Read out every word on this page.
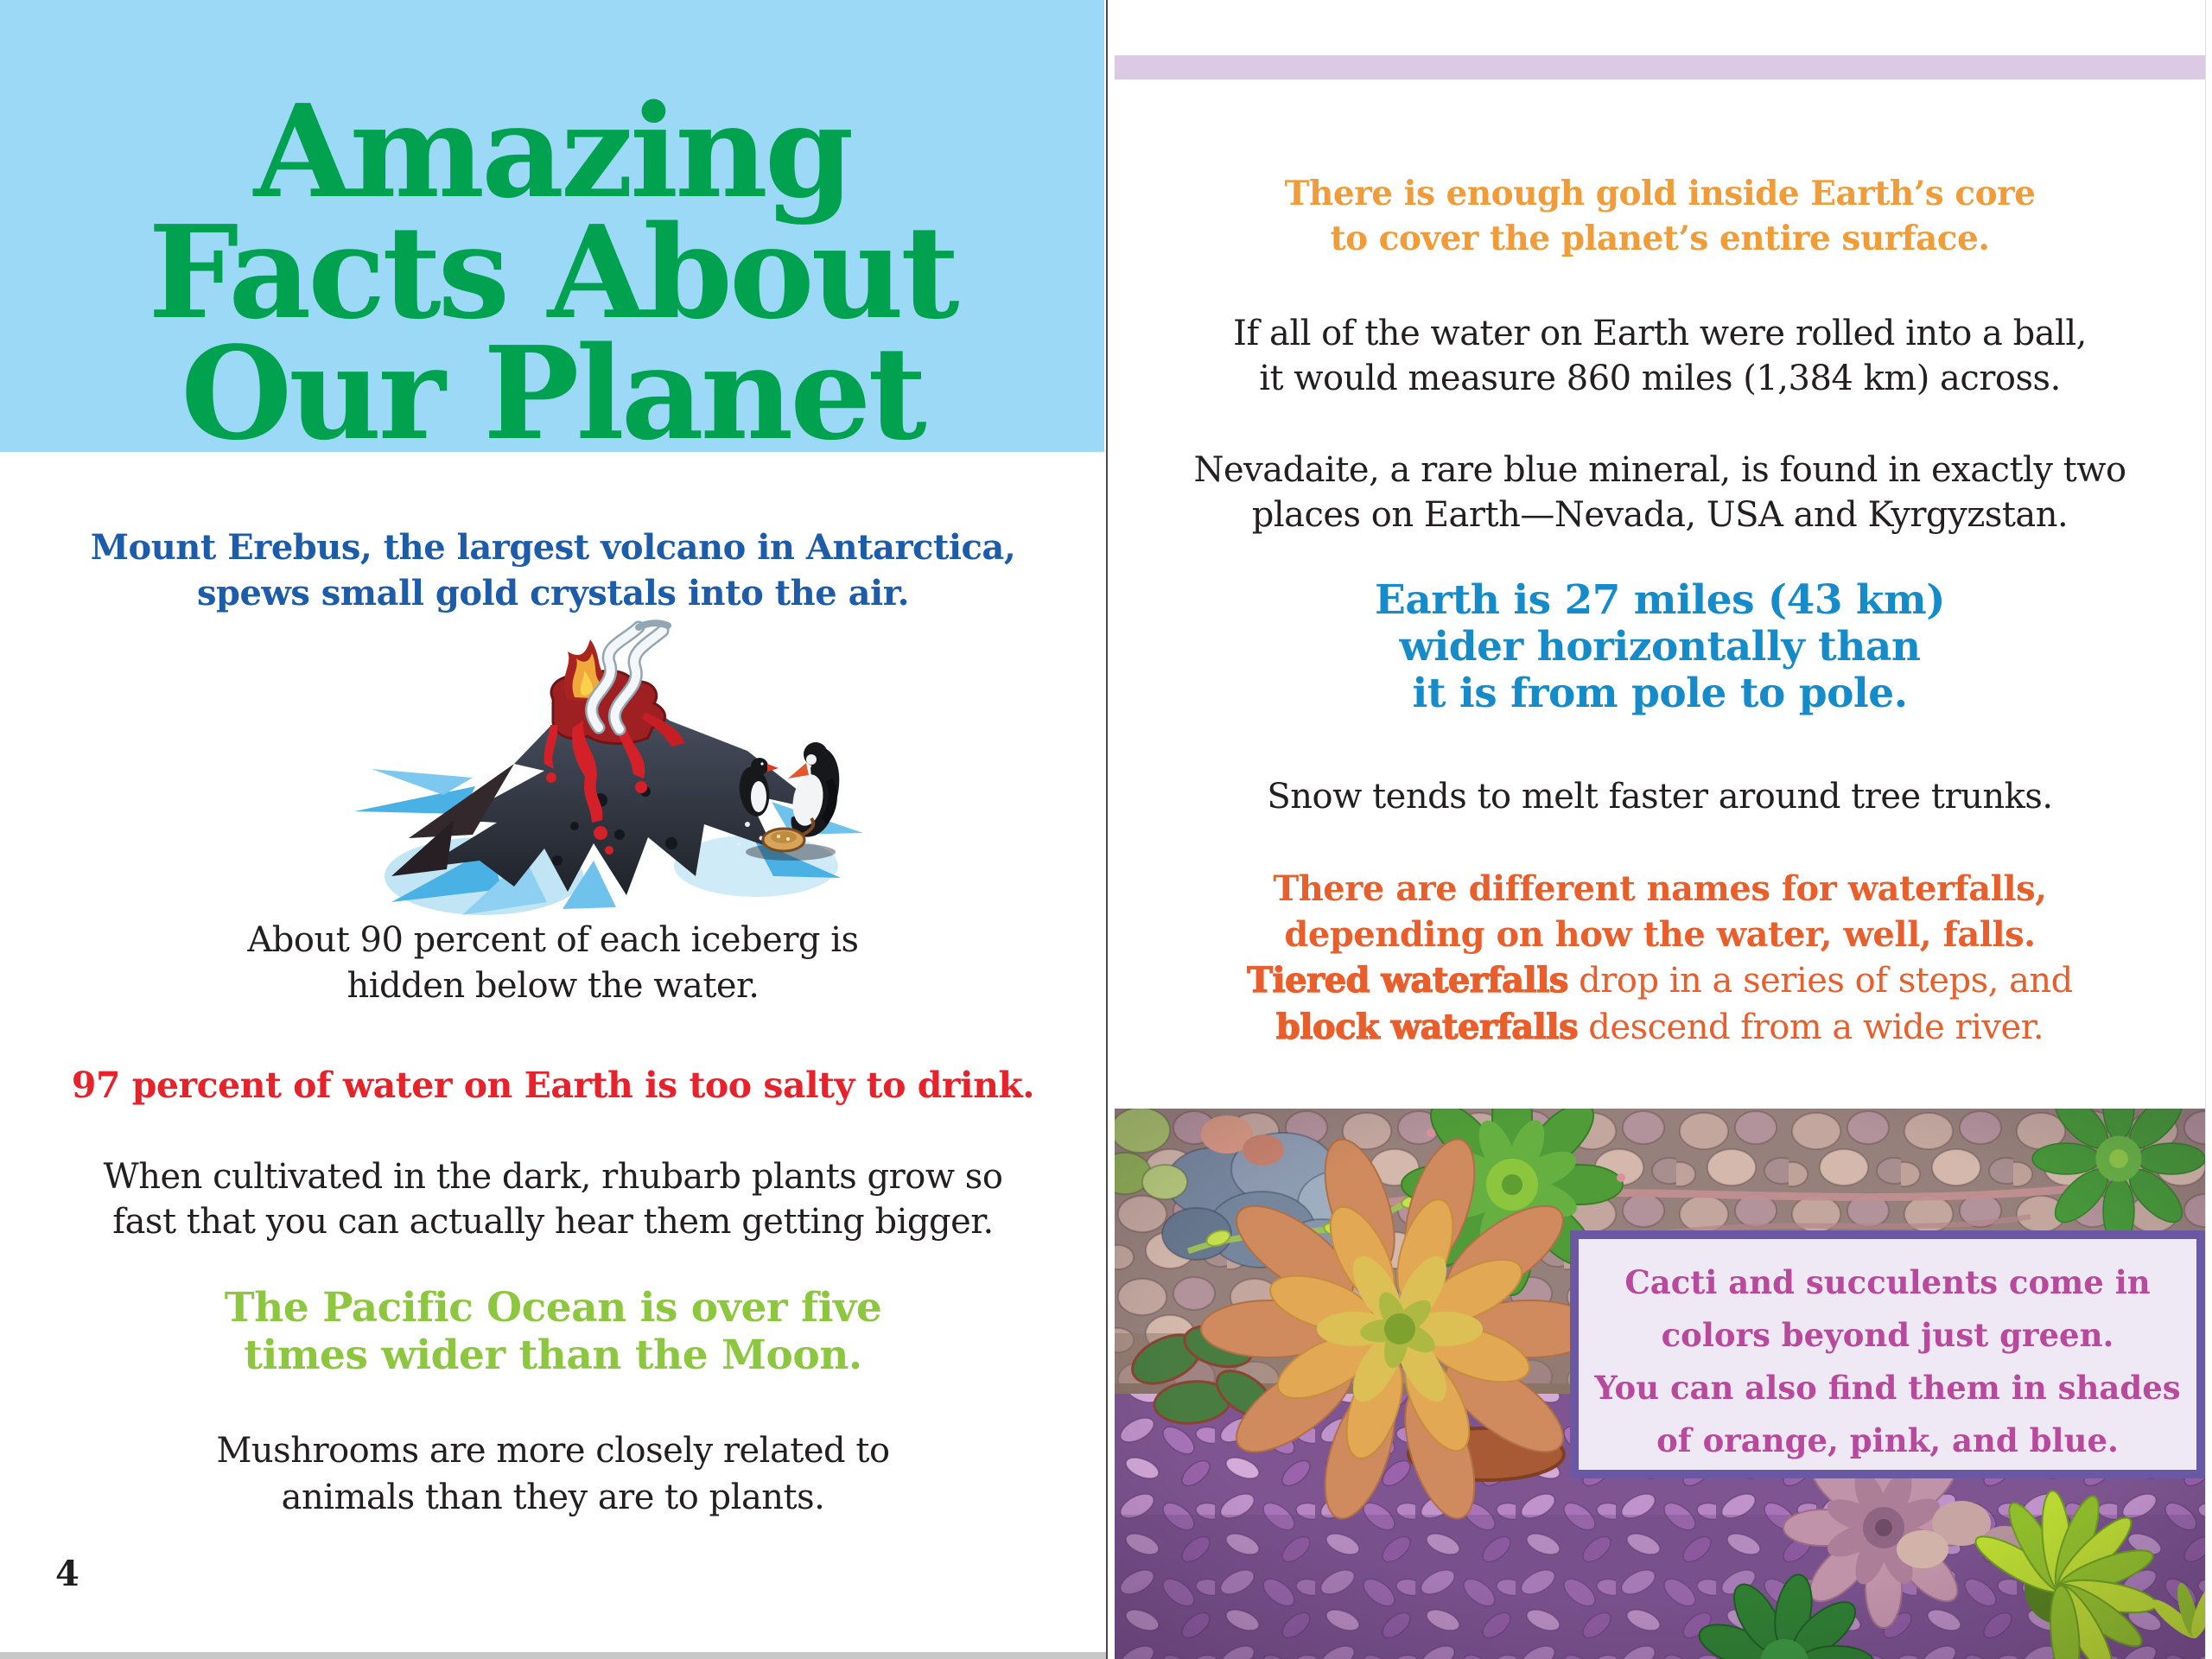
Amazing
Facts About
Our Planet

Mount Erebus, the largest volcano in Antarctica,
spews small gold crystals into the air.

About 90 percent of each iceberg is
hidden below the water.

97 percent of water on Earth is too salty to drink.

When cultivated in the dark, rhubarb plants grow so
fast that you can actually hear them getting bigger.

The Pacific Ocean is over five
times wider than the Moon.

Mushrooms are more closely related to
animals than they are to plants.

4

There is enough gold inside Earth’s core
to cover the planet’s entire surface.

If all of the water on Earth were rolled into a ball,
it would measure 860 miles (1,384 km) across.

Nevadaite, a rare blue mineral, is found in exactly two
places on Earth—Nevada, USA and Kyrgyzstan.

Earth is 27 miles (43 km)
wider horizontally than
it is from pole to pole.

Snow tends to melt faster around tree trunks.

There are different names for waterfalls,
depending on how the water, well, falls.
Tiered waterfalls drop in a series of steps, and
block waterfalls descend from a wide river.

Cacti and succulents come in
colors beyond just green.
You can also find them in shades
of orange, pink, and blue.
